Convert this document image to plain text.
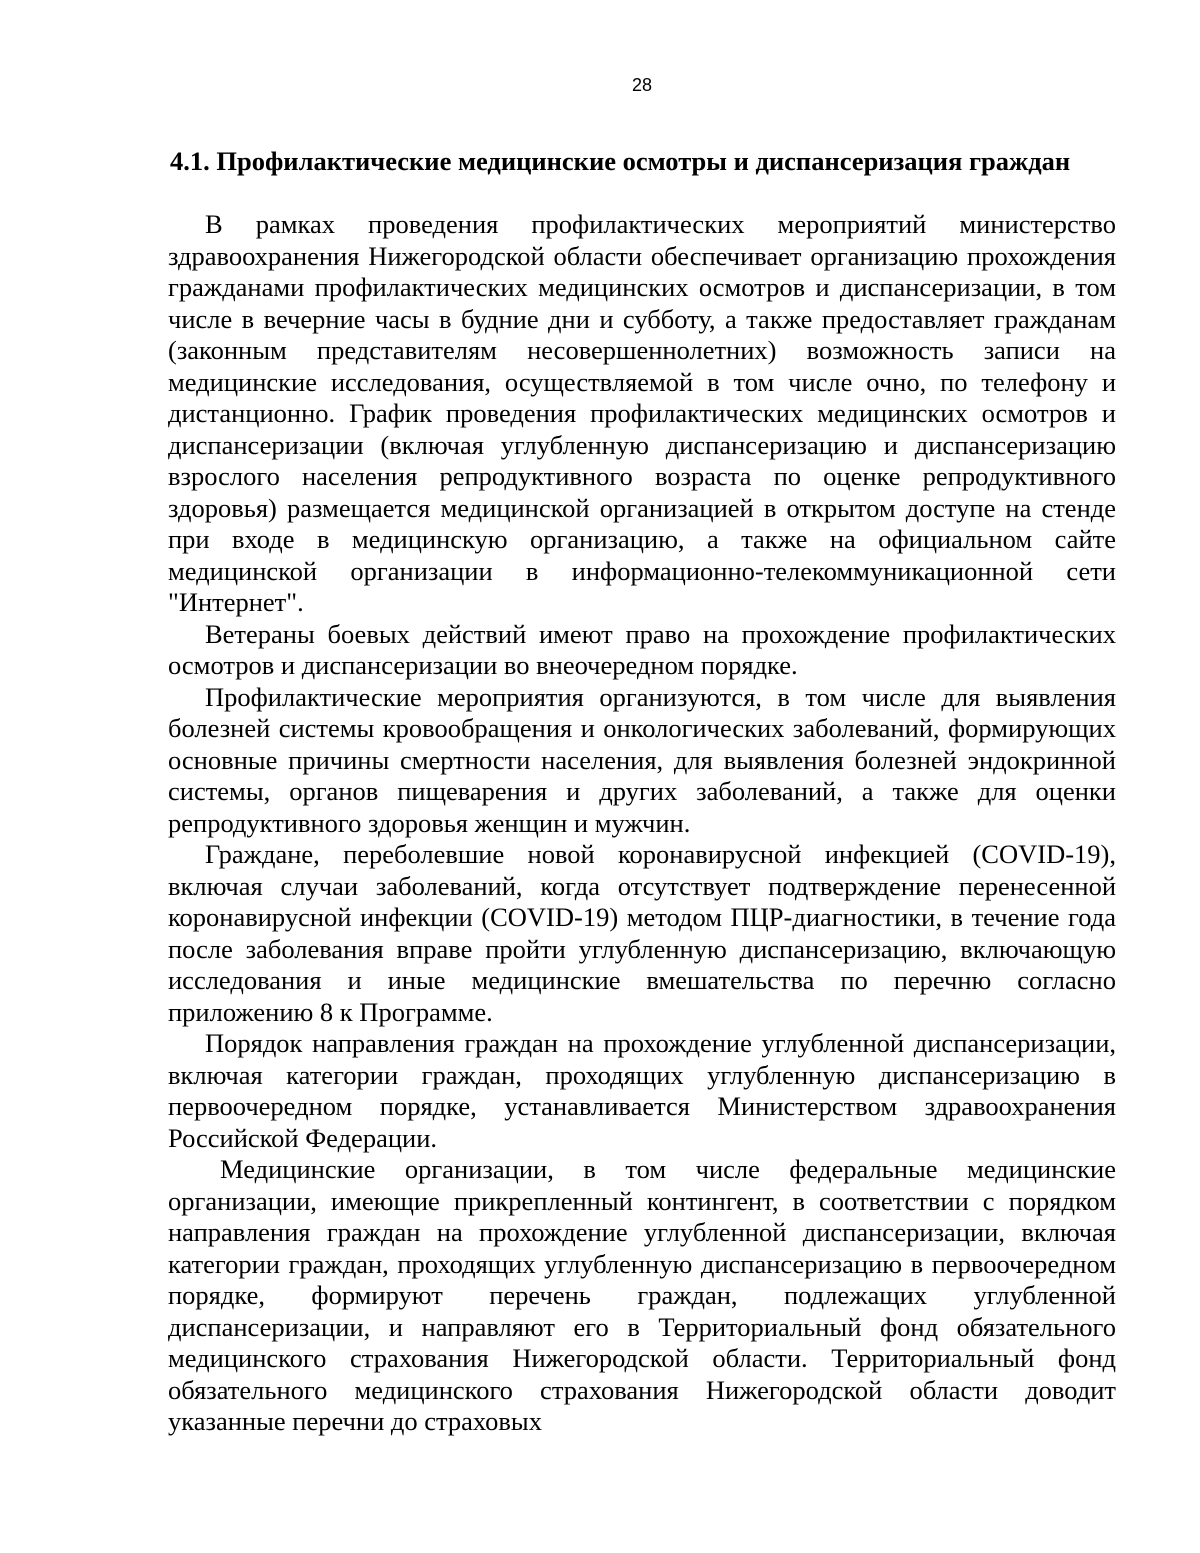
28
4.1. Профилактические медицинские осмотры и диспансеризация граждан

В рамках проведения профилактических мероприятий министерство здравоохранения Нижегородской области обеспечивает организацию прохождения гражданами профилактических медицинских осмотров и диспансеризации, в том числе в вечерние часы в будние дни и субботу, а также предоставляет гражданам (законным представителям несовершеннолетних) возможность записи на медицинские исследования, осуществляемой в том числе очно, по телефону и дистанционно. График проведения профилактических медицинских осмотров и диспансеризации (включая углубленную диспансеризацию и диспансеризацию взрослого населения репродуктивного возраста по оценке репродуктивного здоровья) размещается медицинской организацией в открытом доступе на стенде при входе в медицинскую организацию, а также на официальном сайте медицинской организации в информационно-телекоммуникационной сети "Интернет".

Ветераны боевых действий имеют право на прохождение профилактических осмотров и диспансеризации во внеочередном порядке.

Профилактические мероприятия организуются, в том числе для выявления болезней системы кровообращения и онкологических заболеваний, формирующих основные причины смертности населения, для выявления болезней эндокринной системы, органов пищеварения и других заболеваний, а также для оценки репродуктивного здоровья женщин и мужчин.

Граждане, переболевшие новой коронавирусной инфекцией (COVID-19), включая случаи заболеваний, когда отсутствует подтверждение перенесенной коронавирусной инфекции (COVID-19) методом ПЦР-диагностики, в течение года после заболевания вправе пройти углубленную диспансеризацию, включающую исследования и иные медицинские вмешательства по перечню согласно приложению 8 к Программе.

Порядок направления граждан на прохождение углубленной диспансеризации, включая категории граждан, проходящих углубленную диспансеризацию в первоочередном порядке, устанавливается Министерством здравоохранения Российской Федерации.

Медицинские организации, в том числе федеральные медицинские организации, имеющие прикрепленный контингент, в соответствии с порядком направления граждан на прохождение углубленной диспансеризации, включая категории граждан, проходящих углубленную диспансеризацию в первоочередном порядке, формируют перечень граждан, подлежащих углубленной диспансеризации, и направляют его в Территориальный фонд обязательного медицинского страхования Нижегородской области. Территориальный фонд обязательного медицинского страхования Нижегородской области доводит указанные перечни до страховых
